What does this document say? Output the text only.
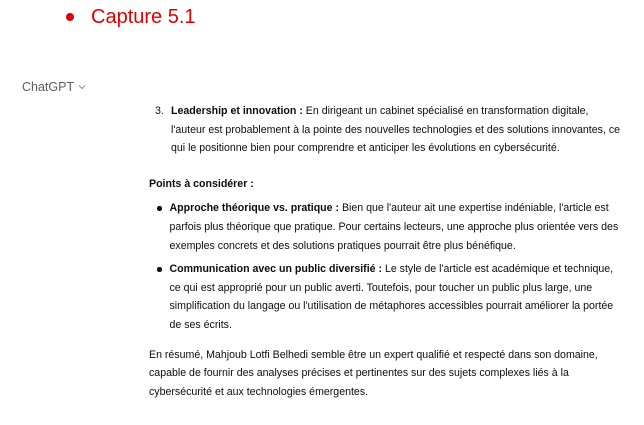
Capture 5.1
ChatGPT
3. Leadership et innovation : En dirigeant un cabinet spécialisé en transformation digitale, l'auteur est probablement à la pointe des nouvelles technologies et des solutions innovantes, ce qui le positionne bien pour comprendre et anticiper les évolutions en cybersécurité.
Points à considérer :
Approche théorique vs. pratique : Bien que l'auteur ait une expertise indéniable, l'article est parfois plus théorique que pratique. Pour certains lecteurs, une approche plus orientée vers des exemples concrets et des solutions pratiques pourrait être plus bénéfique.
Communication avec un public diversifié : Le style de l'article est académique et technique, ce qui est approprié pour un public averti. Toutefois, pour toucher un public plus large, une simplification du langage ou l'utilisation de métaphores accessibles pourrait améliorer la portée de ses écrits.

En résumé, Mahjoub Lotfi Belhedi semble être un expert qualifié et respecté dans son domaine, capable de fournir des analyses précises et pertinentes sur des sujets complexes liés à la cybersécurité et aux technologies émergentes.
